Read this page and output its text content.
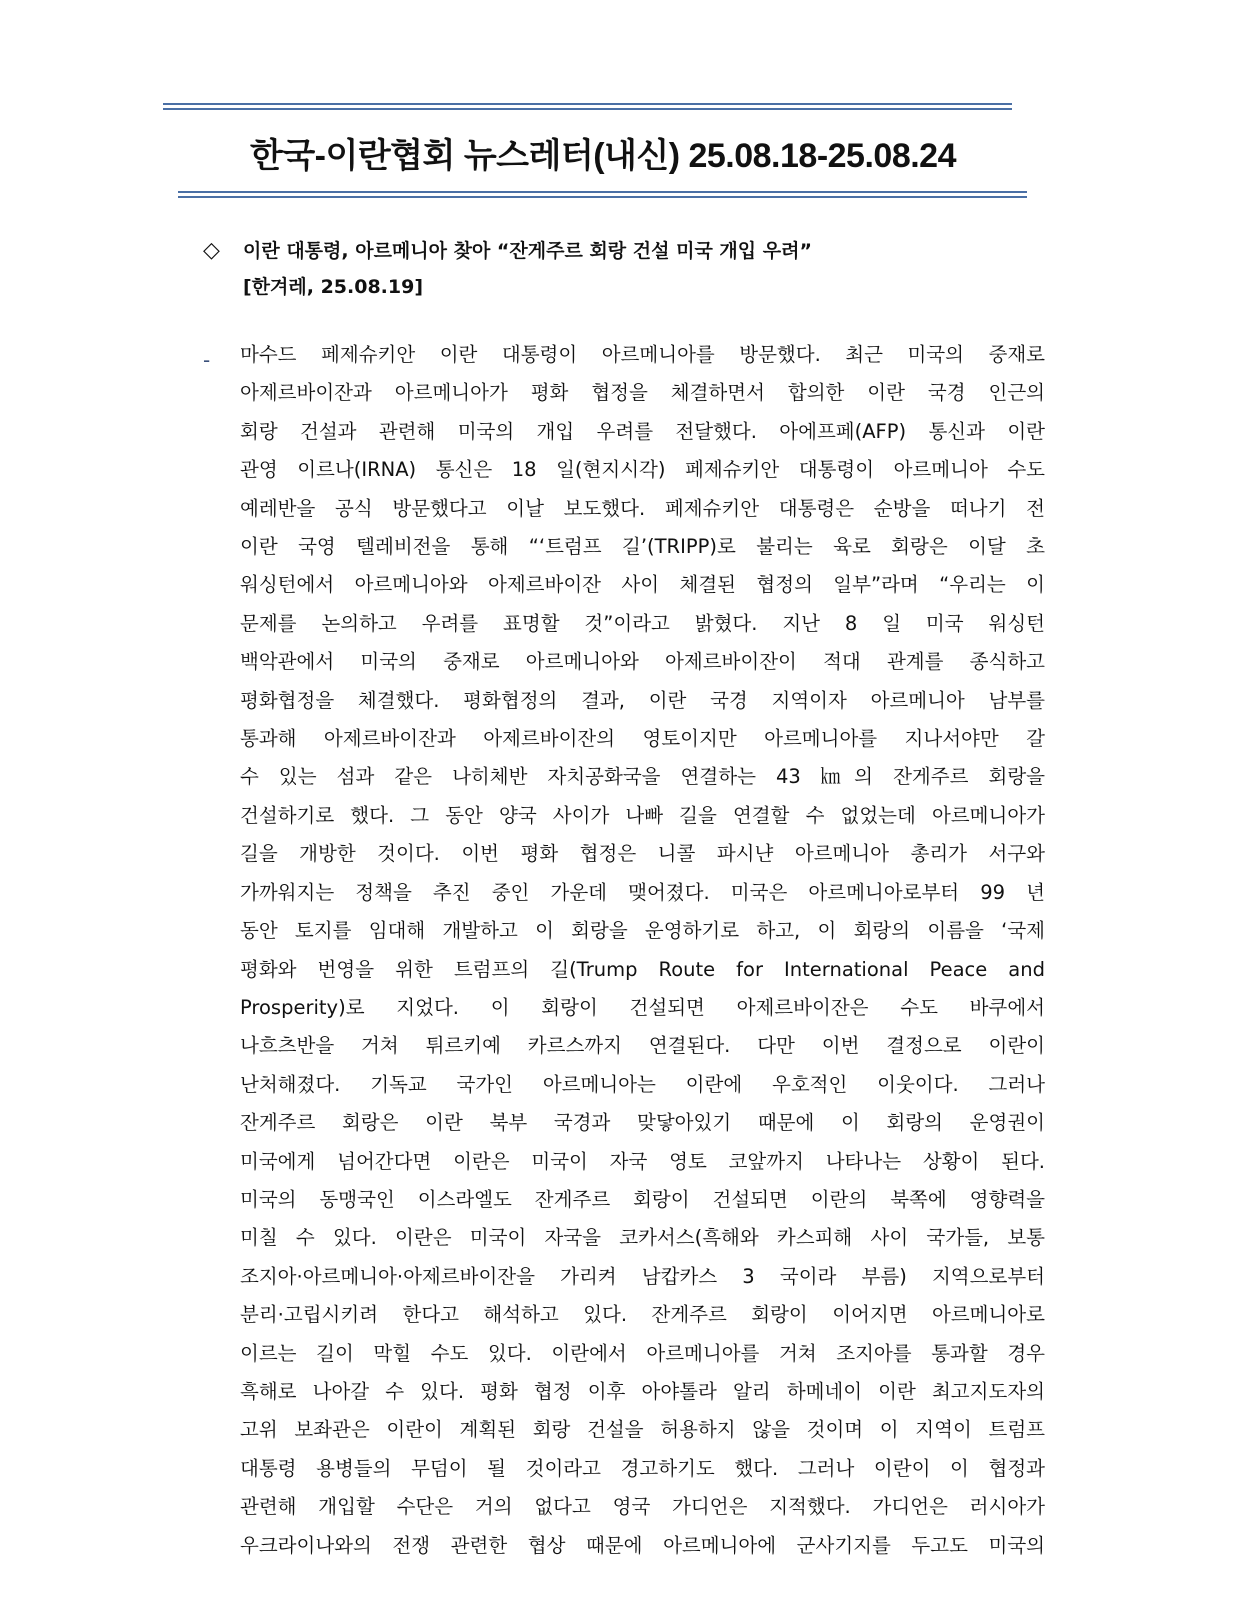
한국-이란협회 뉴스레터(내신) 25.08.18-25.08.24
◇ 이란 대통령, 아르메니아 찾아 “잔게주르 회랑 건설 미국 개입 우려”
[한겨레, 25.08.19]
-	마수드 페제슈키안 이란 대통령이 아르메니아를 방문했다. 최근 미국의 중재로
아제르바이잔과 아르메니아가 평화 협정을 체결하면서 합의한 이란 국경 인근의
회랑 건설과 관련해 미국의 개입 우려를 전달했다. 아에프페(AFP) 통신과 이란
관영 이르나(IRNA) 통신은 18 일(현지시각) 페제슈키안 대통령이 아르메니아 수도
예레반을 공식 방문했다고 이날 보도했다. 페제슈키안 대통령은 순방을 떠나기 전
이란 국영 텔레비전을 통해 “‘트럼프 길’(TRIPP)로 불리는 육로 회랑은 이달 초
워싱턴에서 아르메니아와 아제르바이잔 사이 체결된 협정의 일부”라며 “우리는 이
문제를 논의하고 우려를 표명할 것”이라고 밝혔다. 지난 8 일 미국 워싱턴
백악관에서 미국의 중재로 아르메니아와 아제르바이잔이 적대 관계를 종식하고
평화협정을 체결했다. 평화협정의 결과, 이란 국경 지역이자 아르메니아 남부를
통과해 아제르바이잔과 아제르바이잔의 영토이지만 아르메니아를 지나서야만 갈
수 있는 섬과 같은 나히체반 자치공화국을 연결하는 43 ㎞의 잔게주르 회랑을
건설하기로 했다. 그 동안 양국 사이가 나빠 길을 연결할 수 없었는데 아르메니아가
길을 개방한 것이다. 이번 평화 협정은 니콜 파시냔 아르메니아 총리가 서구와
가까워지는 정책을 추진 중인 가운데 맺어졌다. 미국은 아르메니아로부터 99 년
동안 토지를 임대해 개발하고 이 회랑을 운영하기로 하고, 이 회랑의 이름을 ‘국제
평화와 번영을 위한 트럼프의 길(Trump Route for International Peace and
Prosperity)로 지었다. 이 회랑이 건설되면 아제르바이잔은 수도 바쿠에서
나흐츠반을 거쳐 튀르키예 카르스까지 연결된다. 다만 이번 결정으로 이란이
난처해졌다. 기독교 국가인 아르메니아는 이란에 우호적인 이웃이다. 그러나
잔게주르 회랑은 이란 북부 국경과 맞닿아있기 때문에 이 회랑의 운영권이
미국에게 넘어간다면 이란은 미국이 자국 영토 코앞까지 나타나는 상황이 된다.
미국의 동맹국인 이스라엘도 잔게주르 회랑이 건설되면 이란의 북쪽에 영향력을
미칠 수 있다. 이란은 미국이 자국을 코카서스(흑해와 카스피해 사이 국가들, 보통
조지아·아르메니아·아제르바이잔을 가리켜 남캅카스 3 국이라 부름) 지역으로부터
분리·고립시키려 한다고 해석하고 있다. 잔게주르 회랑이 이어지면 아르메니아로
이르는 길이 막힐 수도 있다. 이란에서 아르메니아를 거쳐 조지아를 통과할 경우
흑해로 나아갈 수 있다. 평화 협정 이후 아야톨라 알리 하메네이 이란 최고지도자의
고위 보좌관은 이란이 계획된 회랑 건설을 허용하지 않을 것이며 이 지역이 트럼프
대통령 용병들의 무덤이 될 것이라고 경고하기도 했다. 그러나 이란이 이 협정과
관련해 개입할 수단은 거의 없다고 영국 가디언은 지적했다. 가디언은 러시아가
우크라이나와의 전쟁 관련한 협상 때문에 아르메니아에 군사기지를 두고도 미국의
